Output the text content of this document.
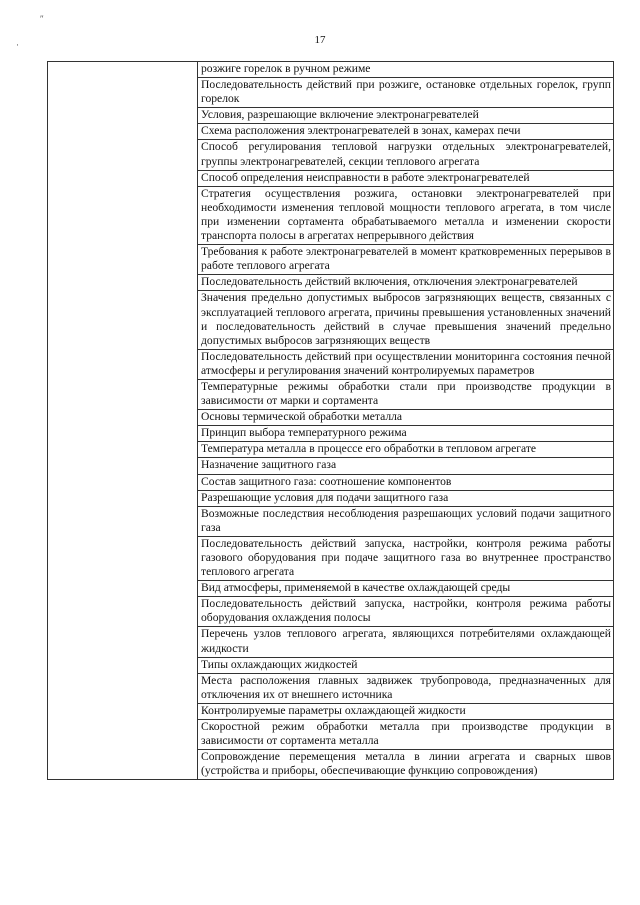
″
·	17
	розжиге горелок в ручном режиме
Последовательность действий при розжиге, остановке отдельных горелок, групп горелок
Условия, разрешающие включение электронагревателей
Схема расположения электронагревателей в зонах, камерах печи
Способ регулирования тепловой нагрузки отдельных электронагревателей, группы электронагревателей, секции теплового агрегата
Способ определения неисправности в работе электронагревателей
Стратегия осуществления розжига, остановки электронагревателей при необходимости изменения тепловой мощности теплового агрегата, в том числе при изменении сортамента обрабатываемого металла и изменении скорости транспорта полосы в агрегатах непрерывного действия
Требования к работе электронагревателей в момент кратковременных перерывов в работе теплового агрегата
Последовательность действий включения, отключения электронагревателей
Значения предельно допустимых выбросов загрязняющих веществ, связанных с эксплуатацией теплового агрегата, причины превышения установленных значений и последовательность действий в случае превышения значений предельно допустимых выбросов загрязняющих веществ
Последовательность действий при осуществлении мониторинга состояния печной атмосферы и регулирования значений контролируемых параметров
Температурные режимы обработки стали при производстве продукции в зависимости от марки и сортамента
Основы термической обработки металла
Принцип выбора температурного режима
Температура металла в процессе его обработки в тепловом агрегате
Назначение защитного газа
Состав защитного газа: соотношение компонентов
Разрешающие условия для подачи защитного газа
Возможные последствия несоблюдения разрешающих условий подачи защитного газа
Последовательность действий запуска, настройки, контроля режима работы газового оборудования при подаче защитного газа во внутреннее пространство теплового агрегата
Вид атмосферы, применяемой в качестве охлаждающей среды
Последовательность действий запуска, настройки, контроля режима работы оборудования охлаждения полосы
Перечень узлов теплового агрегата, являющихся потребителями охлаждающей жидкости
Типы охлаждающих жидкостей
Места расположения главных задвижек трубопровода, предназначенных для отключения их от внешнего источника
Контролируемые параметры охлаждающей жидкости
Скоростной режим обработки металла при производстве продукции в зависимости от сортамента металла
Сопровождение перемещения металла в линии агрегата и сварных швов (устройства и приборы, обеспечивающие функцию сопровождения)
